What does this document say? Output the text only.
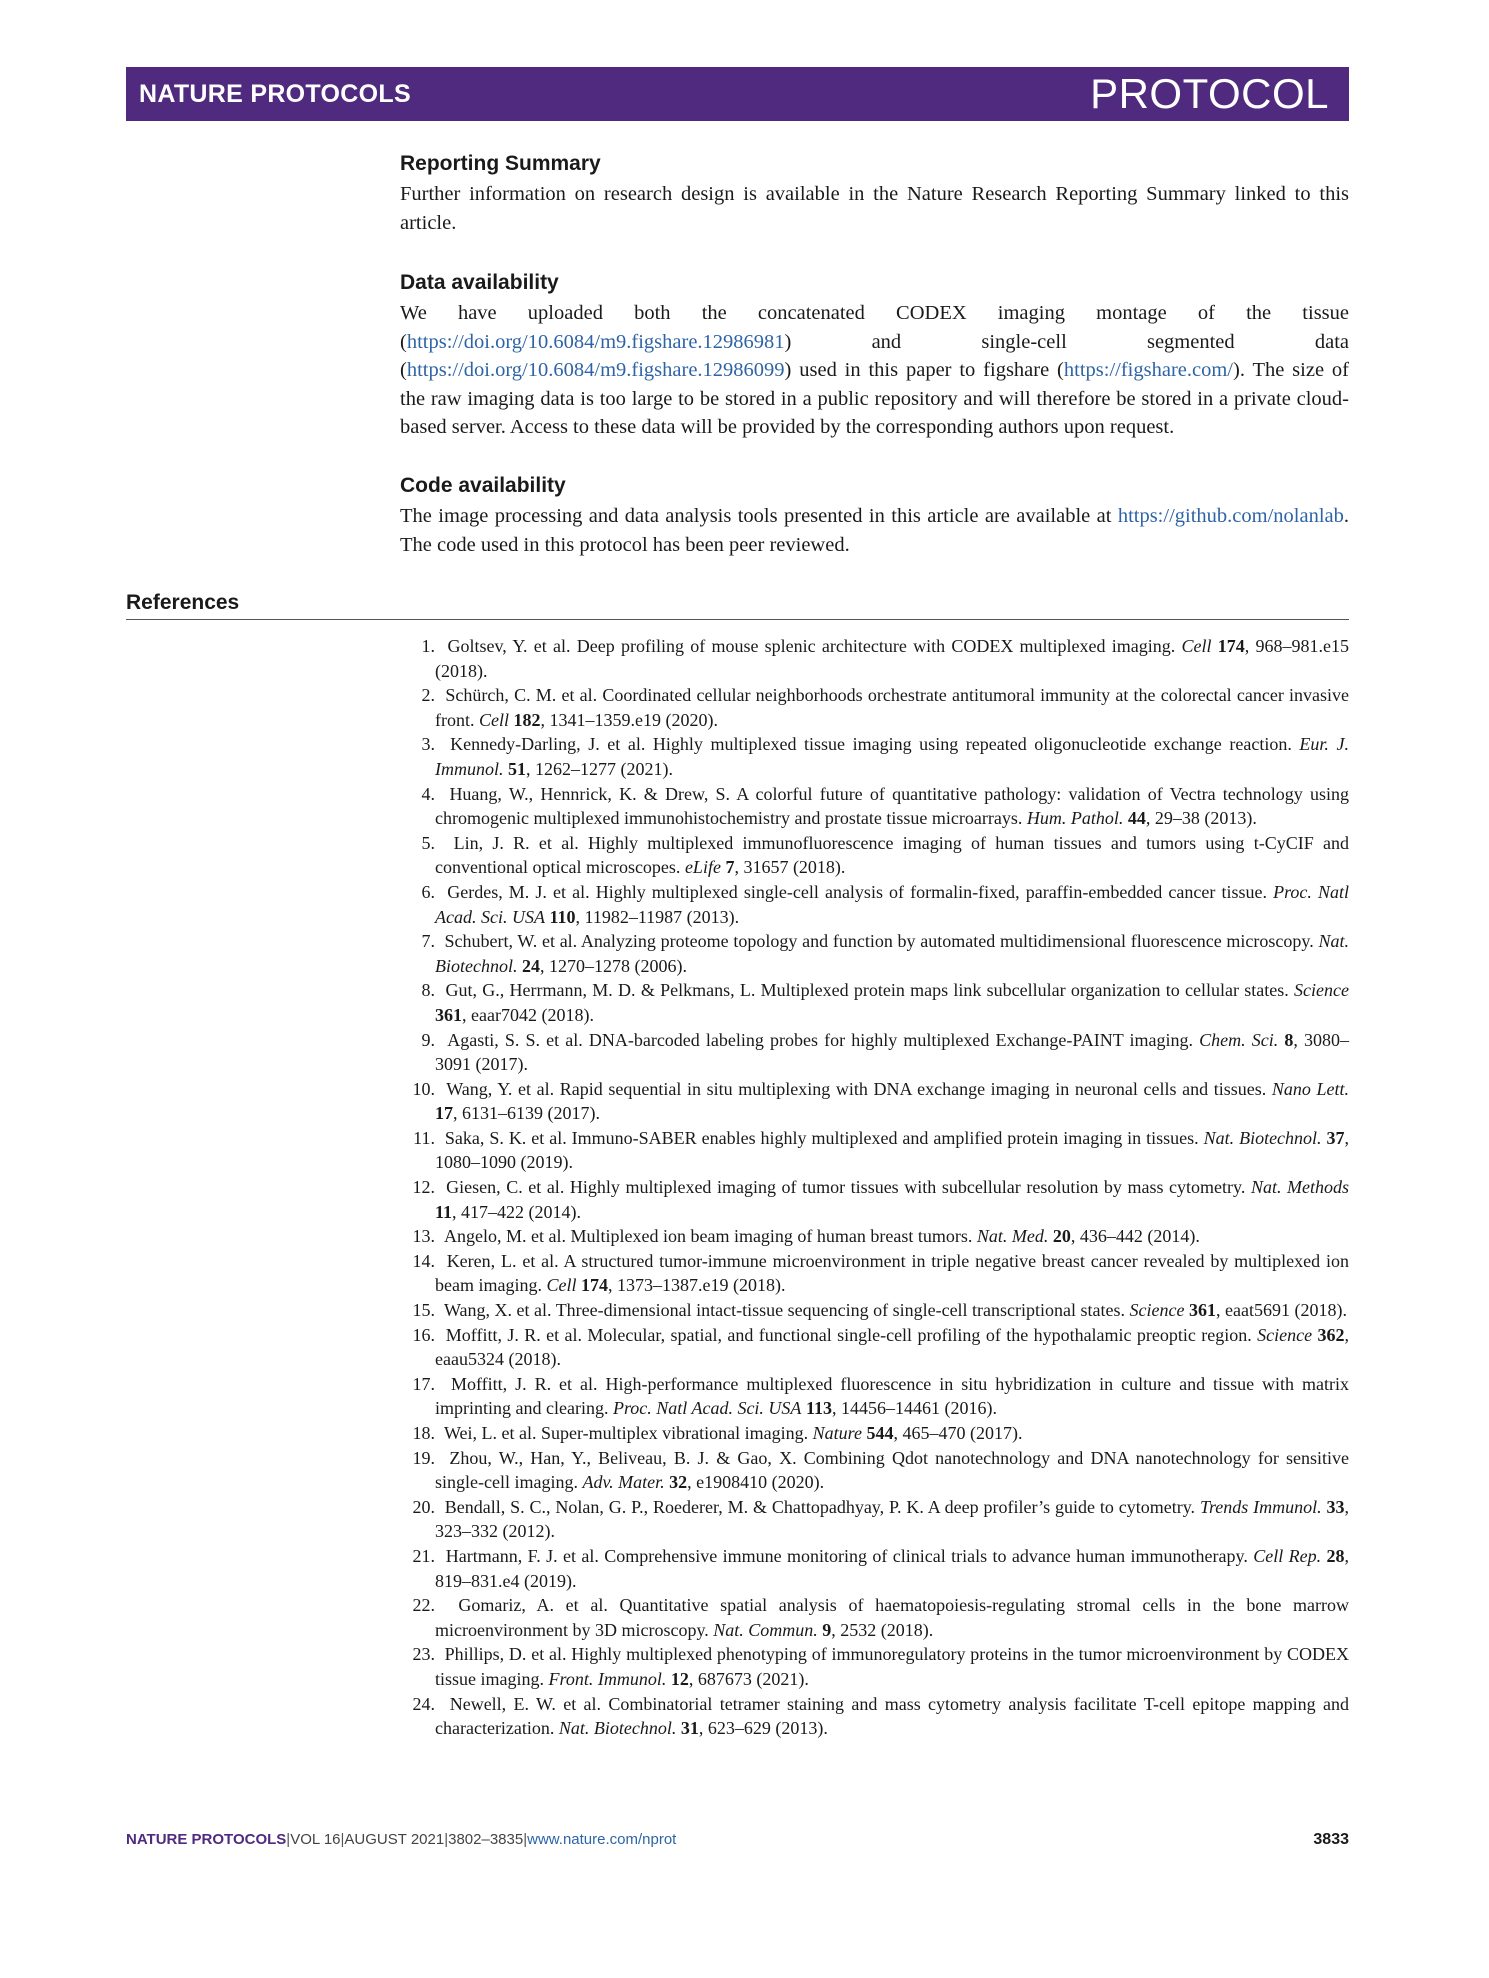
NATURE PROTOCOLS	PROTOCOL
Reporting Summary

Further information on research design is available in the Nature Research Reporting Summary linked to this article.

Data availability

We have uploaded both the concatenated CODEX imaging montage of the tissue (https://doi.org/10.6084/m9.figshare.12986981) and single-cell segmented data (https://doi.org/10.6084/m9.figshare.12986099) used in this paper to figshare (https://figshare.com/). The size of the raw imaging data is too large to be stored in a public repository and will therefore be stored in a private cloud-based server. Access to these data will be provided by the corresponding authors upon request.

Code availability

The image processing and data analysis tools presented in this article are available at https://github.com/nolanlab. The code used in this protocol has been peer reviewed.

References
1. Goltsev, Y. et al. Deep profiling of mouse splenic architecture with CODEX multiplexed imaging. Cell 174, 968–981.e15 (2018).
2. Schürch, C. M. et al. Coordinated cellular neighborhoods orchestrate antitumoral immunity at the colorectal cancer invasive front. Cell 182, 1341–1359.e19 (2020).
3. Kennedy-Darling, J. et al. Highly multiplexed tissue imaging using repeated oligonucleotide exchange reaction. Eur. J. Immunol. 51, 1262–1277 (2021).
4. Huang, W., Hennrick, K. & Drew, S. A colorful future of quantitative pathology: validation of Vectra technology using chromogenic multiplexed immunohistochemistry and prostate tissue microarrays. Hum. Pathol. 44, 29–38 (2013).
5.	Lin, J. R. et al. Highly multiplexed immunofluorescence imaging of human tissues and tumors using t-CyCIF and conventional optical microscopes. eLife 7, 31657 (2018).
6. Gerdes, M. J. et al. Highly multiplexed single-cell analysis of formalin-fixed, paraffin-embedded cancer tissue. Proc. Natl Acad. Sci. USA 110, 11982–11987 (2013).
7. Schubert, W. et al. Analyzing proteome topology and function by automated multidimensional fluorescence microscopy. Nat. Biotechnol. 24, 1270–1278 (2006).
8. Gut, G., Herrmann, M. D. & Pelkmans, L. Multiplexed protein maps link subcellular organization to cellular states. Science 361, eaar7042 (2018).
9. Agasti, S. S. et al. DNA-barcoded labeling probes for highly multiplexed Exchange-PAINT imaging. Chem. Sci. 8, 3080–3091 (2017).
10. Wang, Y. et al. Rapid sequential in situ multiplexing with DNA exchange imaging in neuronal cells and tissues. Nano Lett. 17, 6131–6139 (2017).
11. Saka, S. K. et al. Immuno-SABER enables highly multiplexed and amplified protein imaging in tissues. Nat. Biotechnol. 37, 1080–1090 (2019).
12. Giesen, C. et al. Highly multiplexed imaging of tumor tissues with subcellular resolution by mass cytometry. Nat. Methods 11, 417–422 (2014).
13. Angelo, M. et al. Multiplexed ion beam imaging of human breast tumors. Nat. Med. 20, 436–442 (2014).
14. Keren, L. et al. A structured tumor-immune microenvironment in triple negative breast cancer revealed by multiplexed ion beam imaging. Cell 174, 1373–1387.e19 (2018).
15. Wang, X. et al. Three-dimensional intact-tissue sequencing of single-cell transcriptional states. Science 361, eaat5691 (2018).
16. Moffitt, J. R. et al. Molecular, spatial, and functional single-cell profiling of the hypothalamic preoptic region. Science 362, eaau5324 (2018).
17. Moffitt, J. R. et al. High-performance multiplexed fluorescence in situ hybridization in culture and tissue with matrix imprinting and clearing. Proc. Natl Acad. Sci. USA 113, 14456–14461 (2016).
18. Wei, L. et al. Super-multiplex vibrational imaging. Nature 544, 465–470 (2017).
19. Zhou, W., Han, Y., Beliveau, B. J. & Gao, X. Combining Qdot nanotechnology and DNA nanotechnology for sensitive single-cell imaging. Adv. Mater. 32, e1908410 (2020).
20. Bendall, S. C., Nolan, G. P., Roederer, M. & Chattopadhyay, P. K. A deep profiler’s guide to cytometry. Trends Immunol. 33, 323–332 (2012).
21. Hartmann, F. J. et al. Comprehensive immune monitoring of clinical trials to advance human immunotherapy. Cell Rep. 28, 819–831.e4 (2019).
22.	Gomariz, A. et al. Quantitative spatial analysis of haematopoiesis-regulating stromal cells in the bone marrow microenvironment by 3D microscopy. Nat. Commun. 9, 2532 (2018).
23. Phillips, D. et al. Highly multiplexed phenotyping of immunoregulatory proteins in the tumor microenvironment by CODEX tissue imaging. Front. Immunol. 12, 687673 (2021).
24. Newell, E. W. et al. Combinatorial tetramer staining and mass cytometry analysis facilitate T-cell epitope mapping and characterization. Nat. Biotechnol. 31, 623–629 (2013).
NATURE PROTOCOLS|VOL 16|AUGUST 2021|3802–3835|www.nature.com/nprot	3833
